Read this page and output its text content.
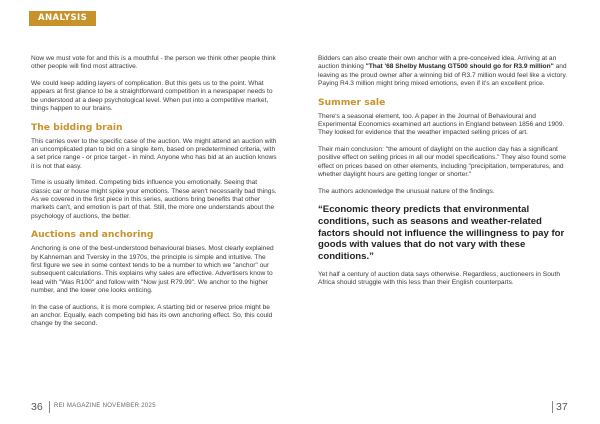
ANALYSIS

Now we must vote for and this is a mouthful - the person we think other people think other people will find most attractive.

We could keep adding layers of complication. But this gets us to the point. What appears at first glance to be a straightforward competition in a newspaper needs to be understood at a deep psychological level. When put into a competitive market, things happen to our brains.

The bidding brain

This carries over to the specific case of the auction. We might attend an auction with an uncomplicated plan to bid on a single item, based on predetermined criteria, with a set price range - or price target - in mind. Anyone who has bid at an auction knows it is not that easy.

Time is usually limited. Competing bids influence you emotionally. Seeing that classic car or house might spike your emotions. These aren't necessarily bad things. As we covered in the first piece in this series, auctions bring benefits that other markets can't, and emotion is part of that. Still, the more one understands about the psychology of auctions, the better.

Auctions and anchoring

Anchoring is one of the best-understood behavioural biases. Most clearly explained by Kahneman and Tversky in the 1970s, the principle is simple and intuitive. The first figure we see in some context tends to be a number to which we "anchor" our subsequent calculations. This explains why sales are effective. Advertisers know to lead with "Was R100" and follow with "Now just R79.99". We anchor to the higher number, and the lower one looks enticing.

In the case of auctions, it is more complex. A starting bid or reserve price might be an anchor. Equally, each competing bid has its own anchoring effect. So, this could change by the second.

Bidders can also create their own anchor with a pre-conceived idea. Arriving at an auction thinking "That '68 Shelby Mustang GT500 should go for R3.9 million" and leaving as the proud owner after a winning bid of R3.7 million would feel like a victory. Paying R4.3 million might bring mixed emotions, even if it's an excellent price.

Summer sale

There's a seasonal element, too. A paper in the Journal of Behavioural and Experimental Economics examined art auctions in England between 1856 and 1909. They looked for evidence that the weather impacted selling prices of art.

Their main conclusion: "the amount of daylight on the auction day has a significant positive effect on selling prices in all our model specifications." They also found some effect on prices based on other elements, including "precipitation, temperatures, and whether daylight hours are getting longer or shorter."

The authors acknowledge the unusual nature of the findings.

“Economic theory predicts that environmental conditions, such as seasons and weather-related factors should not influence the willingness to pay for goods with values that do not vary with these conditions.”

Yet half a century of auction data says otherwise. Regardless, auctioneers in South Africa should struggle with this less than their English counterparts.

36 REI MAGAZINE NOVEMBER 2025	37
